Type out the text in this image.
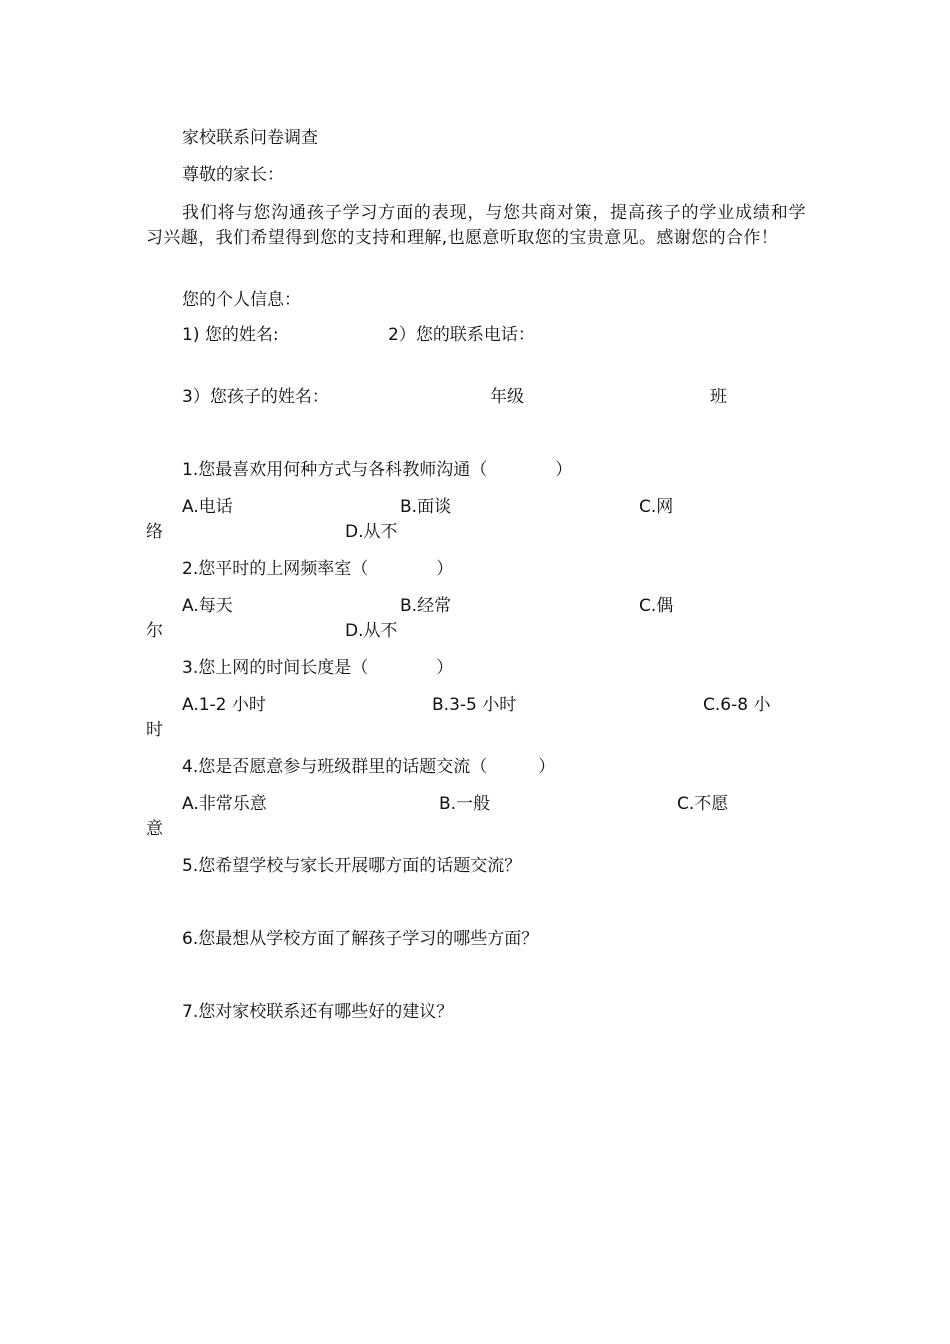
家校联系问卷调查
尊敬的家长：
我们将与您沟通孩子学习方面的表现，与您共商对策，提高孩子的学业成绩和学习兴趣，我们希望得到您的支持和理解,也愿意听取您的宝贵意见。感谢您的合作！
您的个人信息：
1) 您的姓名:	2）您的联系电话：
3）您孩子的姓名：	年级	班
1.您最喜欢用何种方式与各科教师沟通（　　　　）
A.电话	B.面谈	C.网
络	D.从不
2.您平时的上网频率室（　　　　）
A.每天	B.经常	C.偶
尔	D.从不
3.您上网的时间长度是（　　　　）
A.1-2 小时	B.3-5 小时	C.6-8 小
时
4.您是否愿意参与班级群里的话题交流（　　　）
A.非常乐意	B.一般	C.不愿
意
5.您希望学校与家长开展哪方面的话题交流？
6.您最想从学校方面了解孩子学习的哪些方面？
7.您对家校联系还有哪些好的建议？
